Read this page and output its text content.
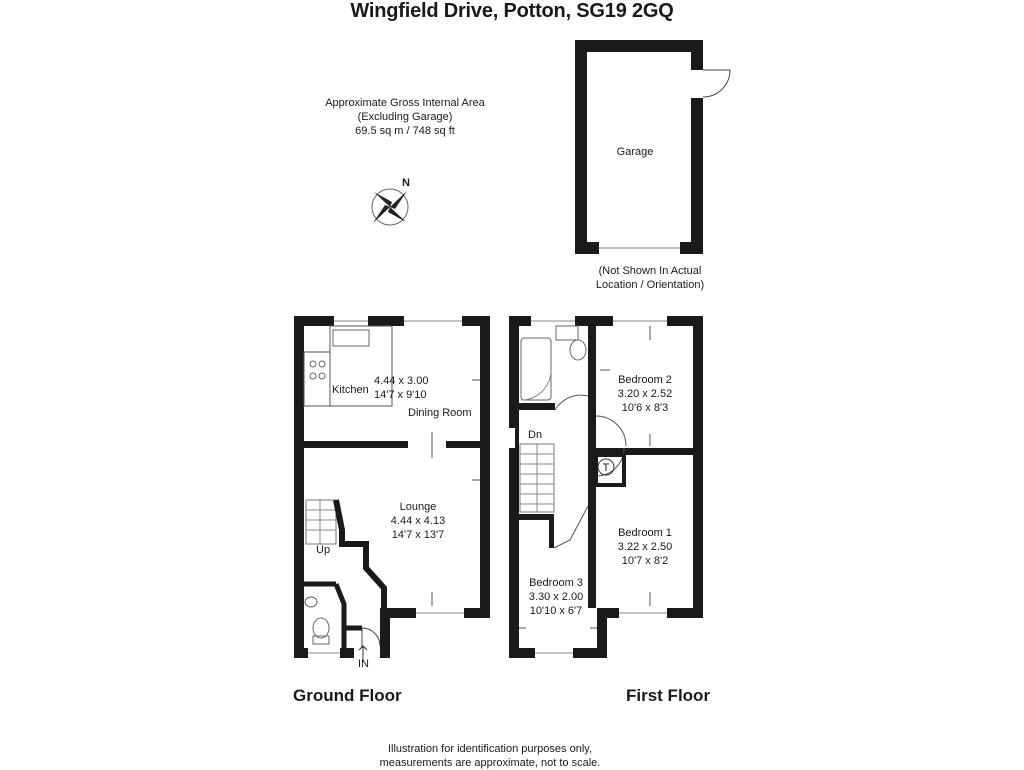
Wingfield Drive, Potton, SG19 2GQ
Approximate Gross Internal Area
(Excluding Garage)
69.5 sq m / 748 sq ft
N
Garage
Kitchen
4.44 x 3.00
14'7 x 9'10
Dining Room
Lounge
4.44 x 4.13
14'7 x 13'7
Up
IN
T
Dn
Bedroom 2
3.20 x 2.52
10'6 x 8'3
Bedroom 1
3.22 x 2.50
10'7 x 8'2
Bedroom 3
3.30 x 2.00
10'10 x 6'7
(Not Shown In Actual
Location / Orientation)
Ground Floor	First Floor
Illustration for identification purposes only,
measurements are approximate, not to scale.
